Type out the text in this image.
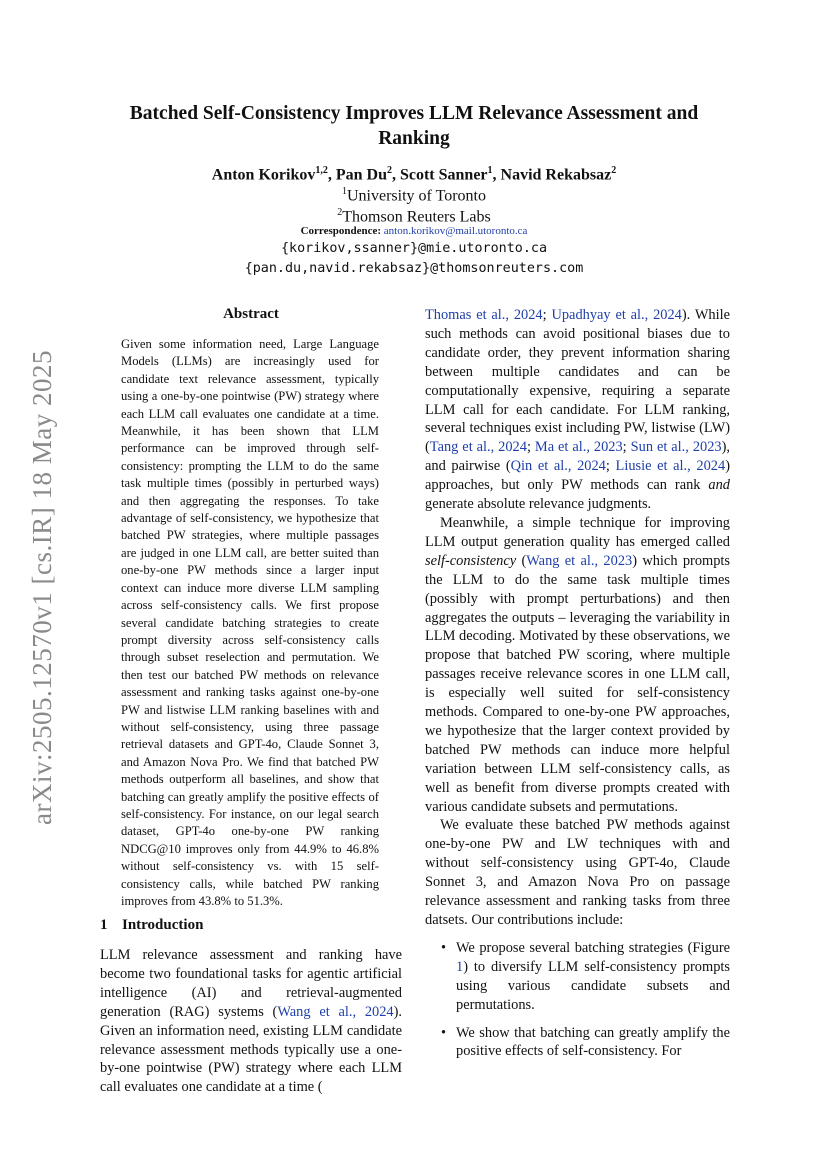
arXiv:2505.12570v1 [cs.IR] 18 May 2025
Batched Self-Consistency Improves LLM Relevance Assessment and Ranking
Anton Korikov$^{1,2}$, Pan Du$^2$, Scott Sanner$^1$, Navid Rekabsaz$^2$
$^1$University of Toronto
$^2$Thomson Reuters Labs
Correspondence: anton.korikov@mail.utoronto.ca
{korikov,ssanner}@mie.utoronto.ca
{pan.du,navid.rekabsaz}@thomsonreuters.com
Abstract

Given some information need, Large Language Models (LLMs) are increasingly used for candidate text relevance assessment, typically using a one-by-one pointwise (PW) strategy where each LLM call evaluates one candidate at a time. Meanwhile, it has been shown that LLM performance can be improved through self-consistency: prompting the LLM to do the same task multiple times (possibly in perturbed ways) and then aggregating the responses. To take advantage of self-consistency, we hypothesize that batched PW strategies, where multiple passages are judged in one LLM call, are better suited than one-by-one PW methods since a larger input context can induce more diverse LLM sampling across self-consistency calls. We first propose several candidate batching strategies to create prompt diversity across self-consistency calls through subset reselection and permutation. We then test our batched PW methods on relevance assessment and ranking tasks against one-by-one PW and listwise LLM ranking baselines with and without self-consistency, using three passage retrieval datasets and GPT-4o, Claude Sonnet 3, and Amazon Nova Pro. We find that batched PW methods outperform all baselines, and show that batching can greatly amplify the positive effects of self-consistency. For instance, on our legal search dataset, GPT-4o one-by-one PW ranking NDCG@10 improves only from 44.9% to 46.8% without self-consistency vs. with 15 self-consistency calls, while batched PW ranking improves from 43.8% to 51.3%.

1 Introduction
LLM relevance assessment and ranking have become two foundational tasks for agentic artificial intelligence (AI) and retrieval-augmented generation (RAG) systems (Wang et al., 2024). Given an information need, existing LLM candidate relevance assessment methods typically use a one-by-one pointwise (PW) strategy where each LLM call evaluates one candidate at a time (

Thomas et al., 2024; Upadhyay et al., 2024). While such methods can avoid positional biases due to candidate order, they prevent information sharing between multiple candidates and can be computationally expensive, requiring a separate LLM call for each candidate. For LLM ranking, several techniques exist including PW, listwise (LW) (Tang et al., 2024; Ma et al., 2023; Sun et al., 2023), and pairwise (Qin et al., 2024; Liusie et al., 2024) approaches, but only PW methods can rank and generate absolute relevance judgments.

Meanwhile, a simple technique for improving LLM output generation quality has emerged called self-consistency (Wang et al., 2023) which prompts the LLM to do the same task multiple times (possibly with prompt perturbations) and then aggregates the outputs – leveraging the variability in LLM decoding. Motivated by these observations, we propose that batched PW scoring, where multiple passages receive relevance scores in one LLM call, is especially well suited for self-consistency methods. Compared to one-by-one PW approaches, we hypothesize that the larger context provided by batched PW methods can induce more helpful variation between LLM self-consistency calls, as well as benefit from diverse prompts created with various candidate subsets and permutations.

We evaluate these batched PW methods against one-by-one PW and LW techniques with and without self-consistency using GPT-4o, Claude Sonnet 3, and Amazon Nova Pro on passage relevance assessment and ranking tasks from three datsets. Our contributions include:

• We propose several batching strategies (Figure 1) to diversify LLM self-consistency prompts using various candidate subsets and permutations.
• We show that batching can greatly amplify the positive effects of self-consistency. For
